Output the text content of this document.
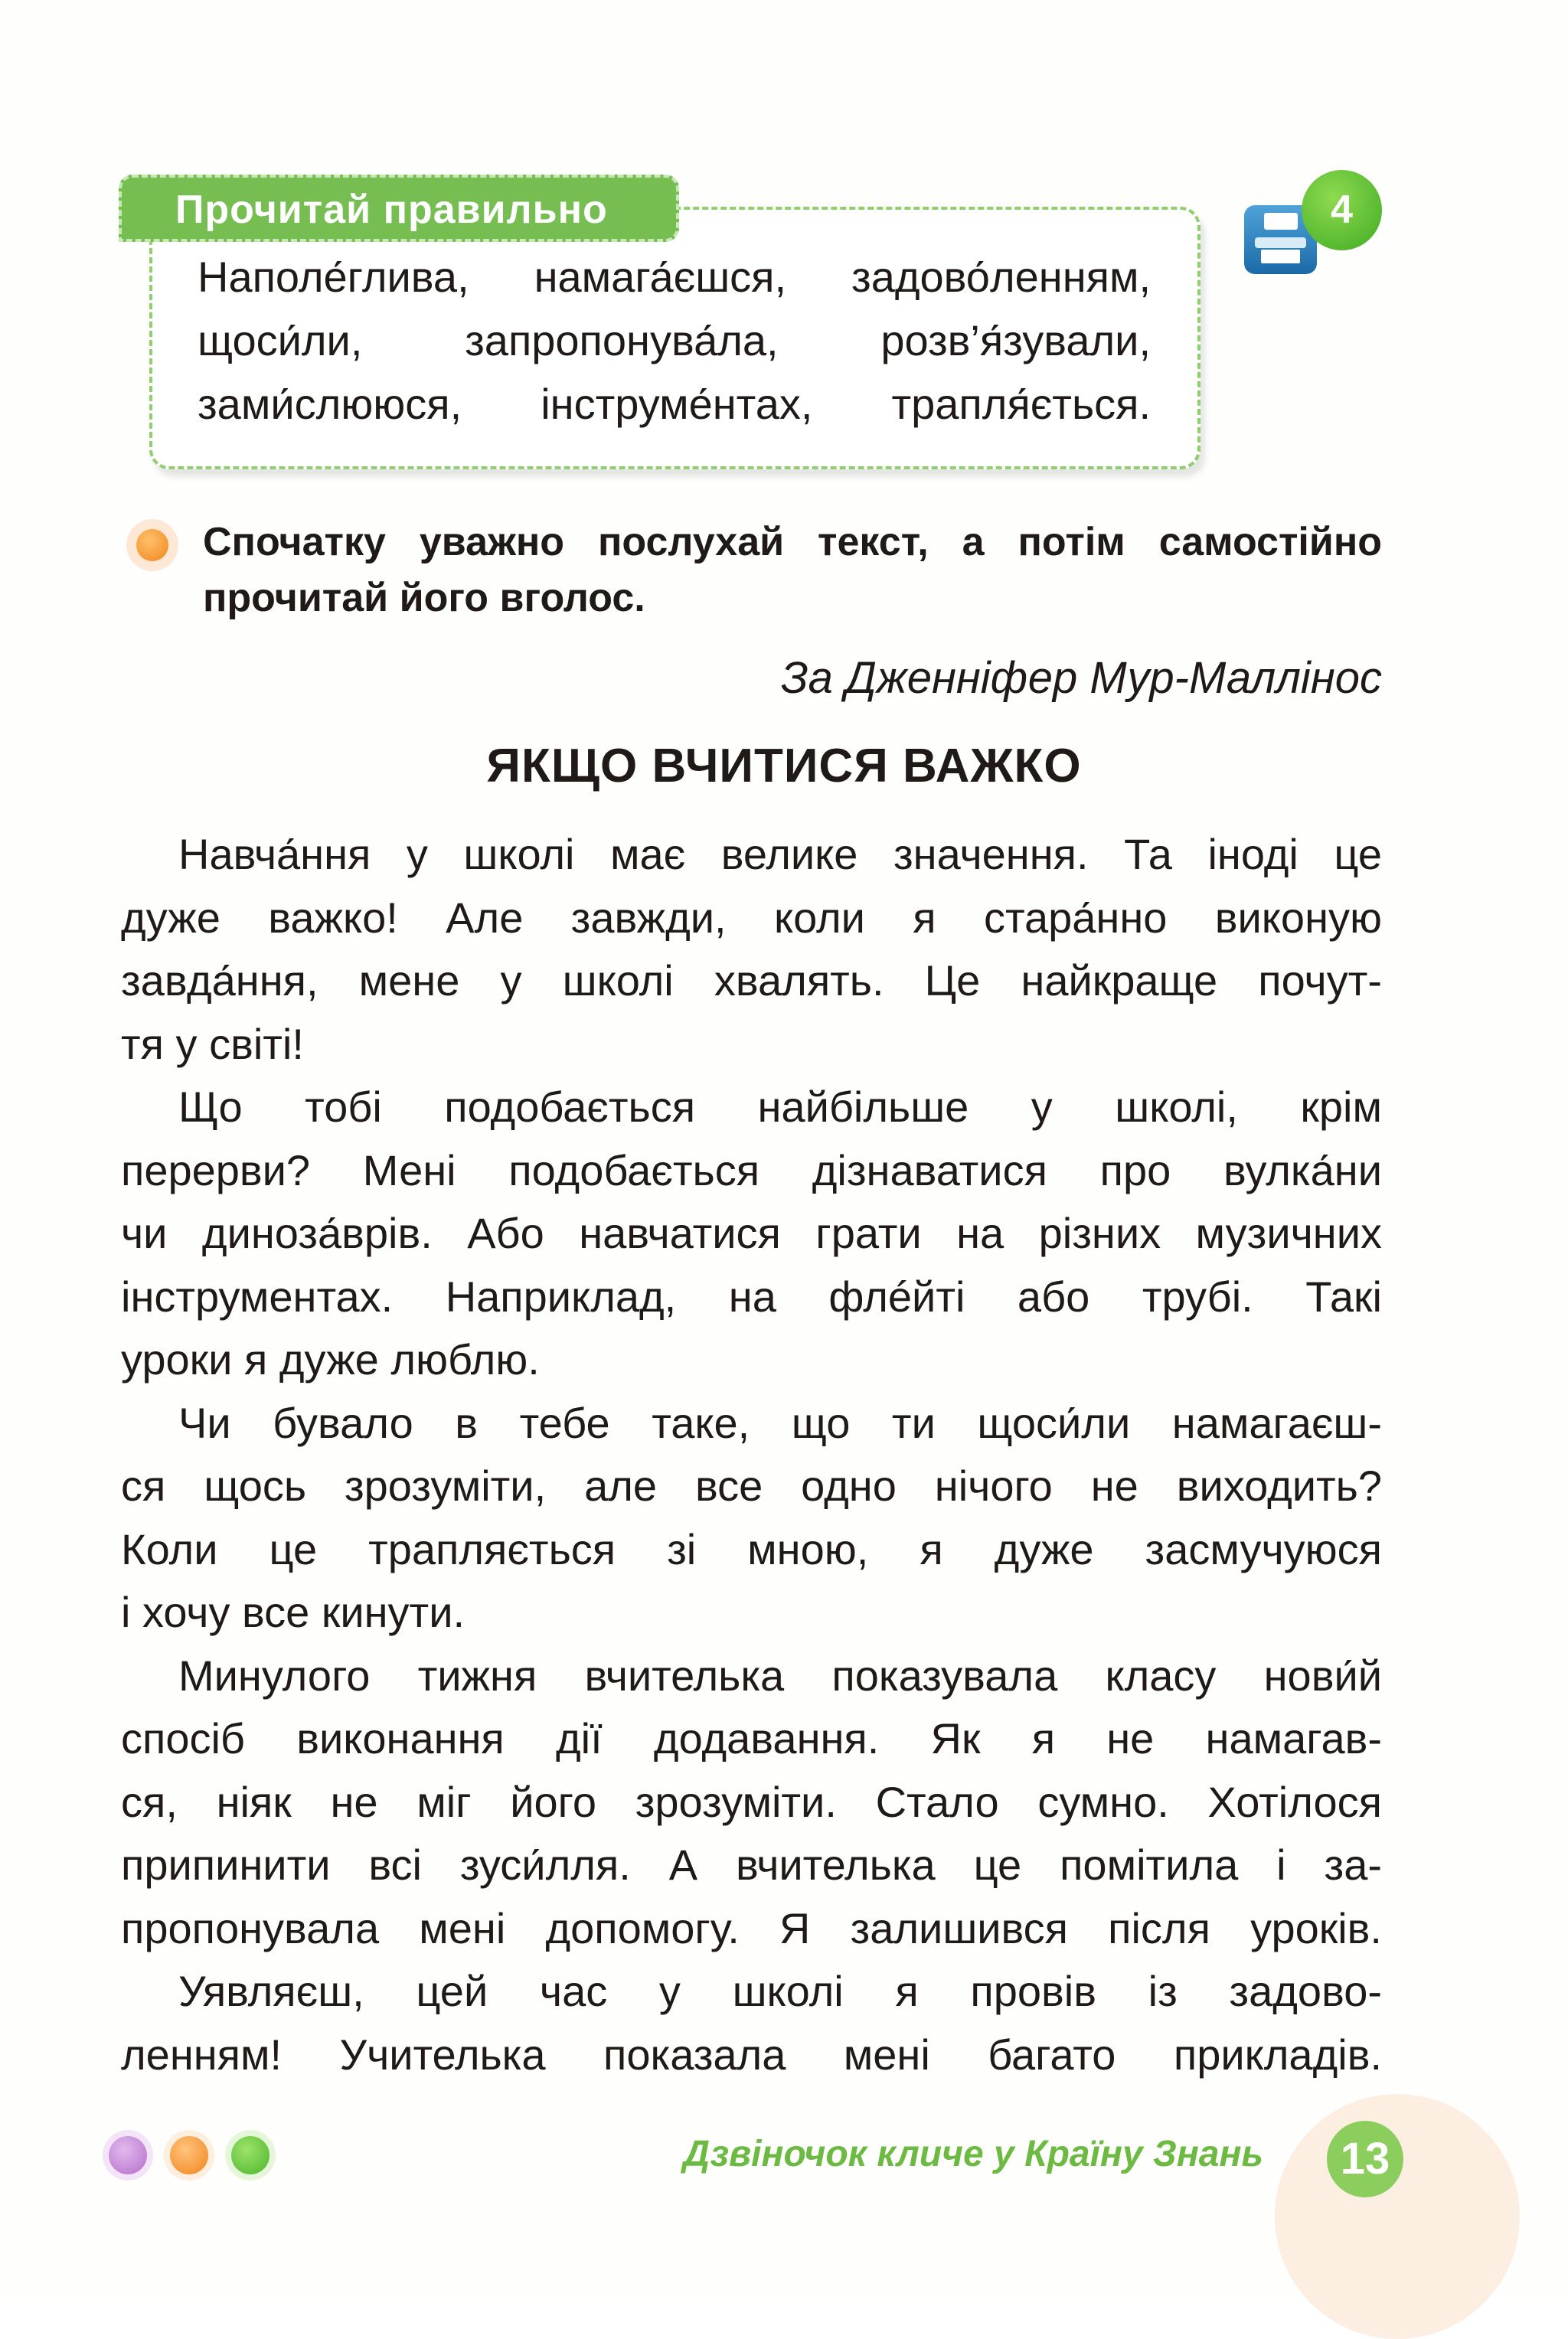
Прочитай правильно
Наполе́глива, намага́єшся, задово́ленням,
щоси́ли, запропонува́ла, розв’я́зували,
зами́слююся, інструме́нтах, трапля́ється.
4
Спочатку уважно послухай текст, а потім самостійно
прочитай його вголос.
За Дженніфер Мур-Маллінос
ЯКЩО ВЧИТИСЯ ВАЖКО
Навча́ння у школі має велике значення. Та іноді це
дуже важко! Але завжди, коли я стара́нно виконую
завда́ння, мене у школі хвалять. Це найкраще почут-
тя у світі!
Що тобі подобається найбільше у школі, крім
перерви? Мені подобається дізнаватися про вулка́ни
чи диноза́врів. Або навчатися грати на різних музичних
інструментах. Наприклад, на флéйті або трубі. Такі
уроки я дуже люблю.
Чи бувало в тебе таке, що ти щоси́ли намагаєш-
ся щось зрозуміти, але все одно нічого не виходить?
Коли це трапляється зі мною, я дуже засмучуюся
і хочу все кинути.
Минулого тижня вчителька показувала класу нови́й
спосіб виконання дії додавання. Як я не намагав-
ся, ніяк не міг його зрозуміти. Стало сумно. Хотілося
припинити всі зуси́лля. А вчителька це помітила і за-
пропонувала мені допомогу. Я залишився після уроків.
Уявляєш, цей час у школі я провів із задово-
ленням! Учителька показала мені багато прикладів.
Дзвіночок кличе у Країну Знань	13
